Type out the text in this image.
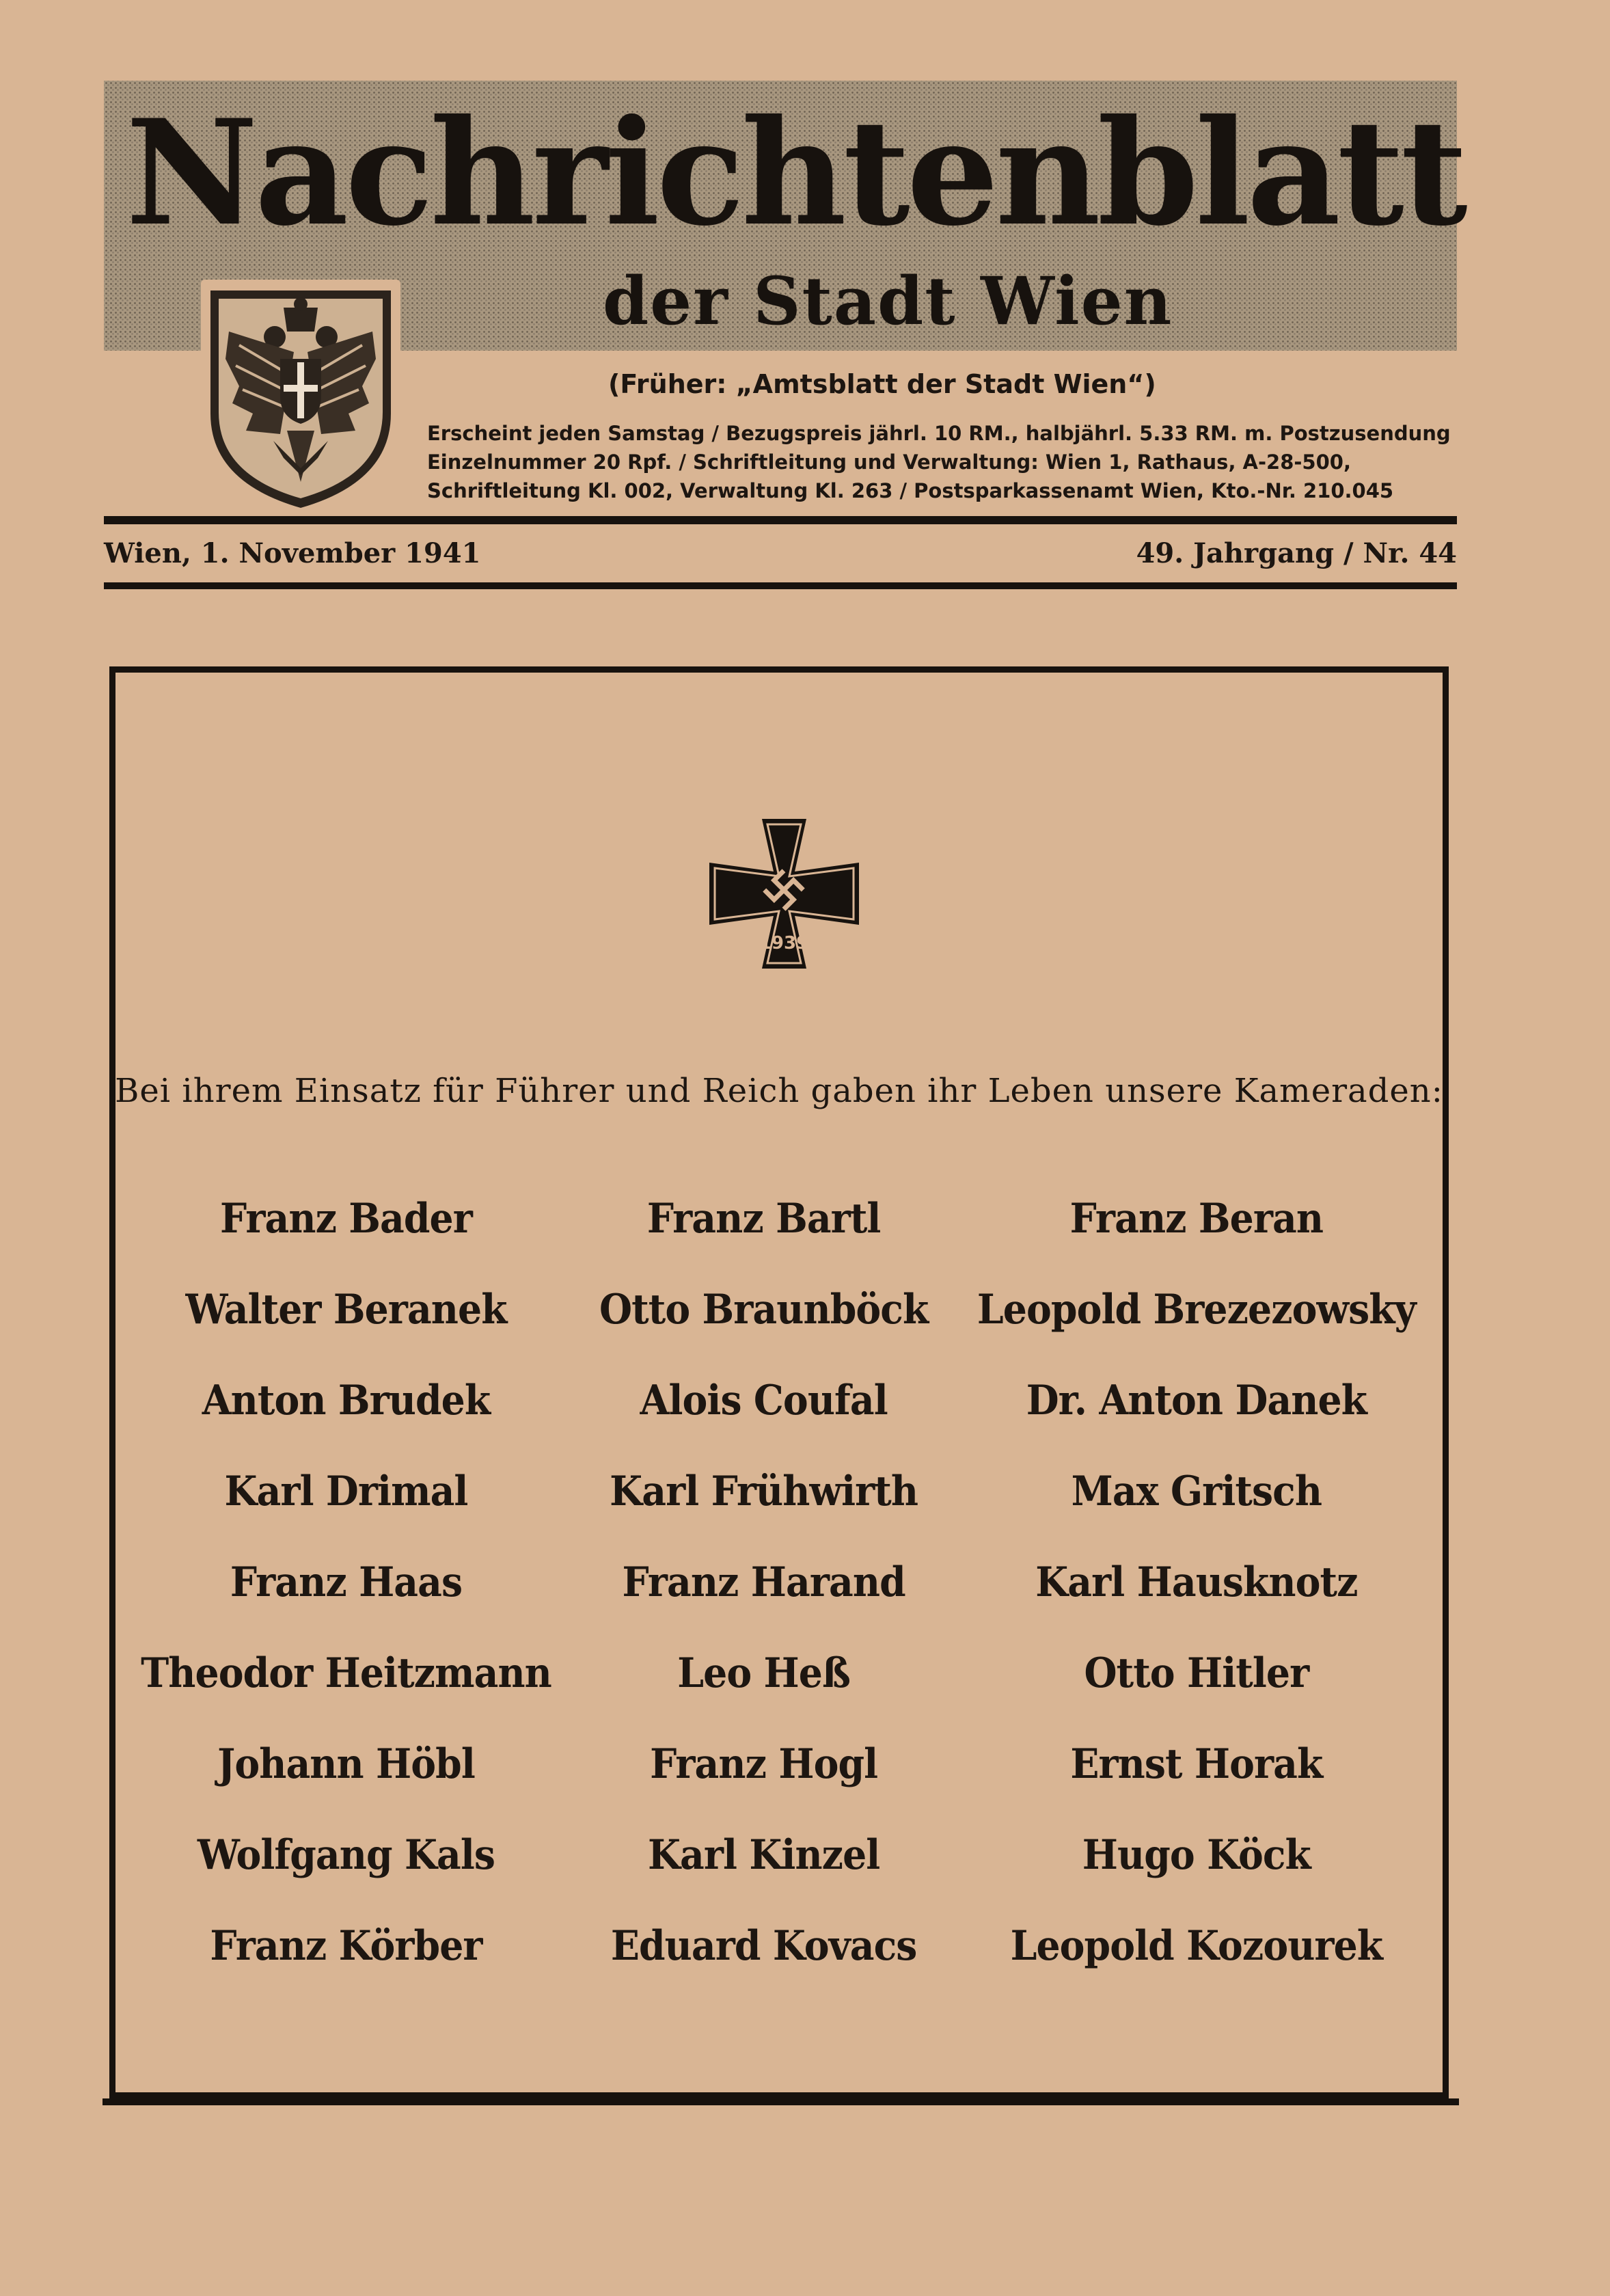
Nachrichtenblatt
der Stadt Wien
(Früher: „Amtsblatt der Stadt Wien“)
Erscheint jeden Samstag / Bezugspreis jährl. 10 RM., halbjährl. 5.33 RM. m. Postzusendung
Einzelnummer 20 Rpf. / Schriftleitung und Verwaltung: Wien 1, Rathaus, A-28-500,
Schriftleitung Kl. 002, Verwaltung Kl. 263 / Postsparkassenamt Wien, Kto.-Nr. 210.045
Wien, 1. November 1941	49. Jahrgang / Nr. 44
1939
Bei ihrem Einsatz für Führer und Reich gaben ihr Leben unsere Kameraden:
Franz Bader	Franz Bartl	Franz Beran
Walter Beranek	Otto Braunböck	Leopold Brezezowsky
Anton Brudek	Alois Coufal	Dr. Anton Danek
Karl Drimal	Karl Frühwirth	Max Gritsch
Franz Haas	Franz Harand	Karl Hausknotz
Theodor Heitzmann	Leo Heß	Otto Hitler
Johann Höbl	Franz Hogl	Ernst Horak
Wolfgang Kals	Karl Kinzel	Hugo Köck
Franz Körber	Eduard Kovacs	Leopold Kozourek
